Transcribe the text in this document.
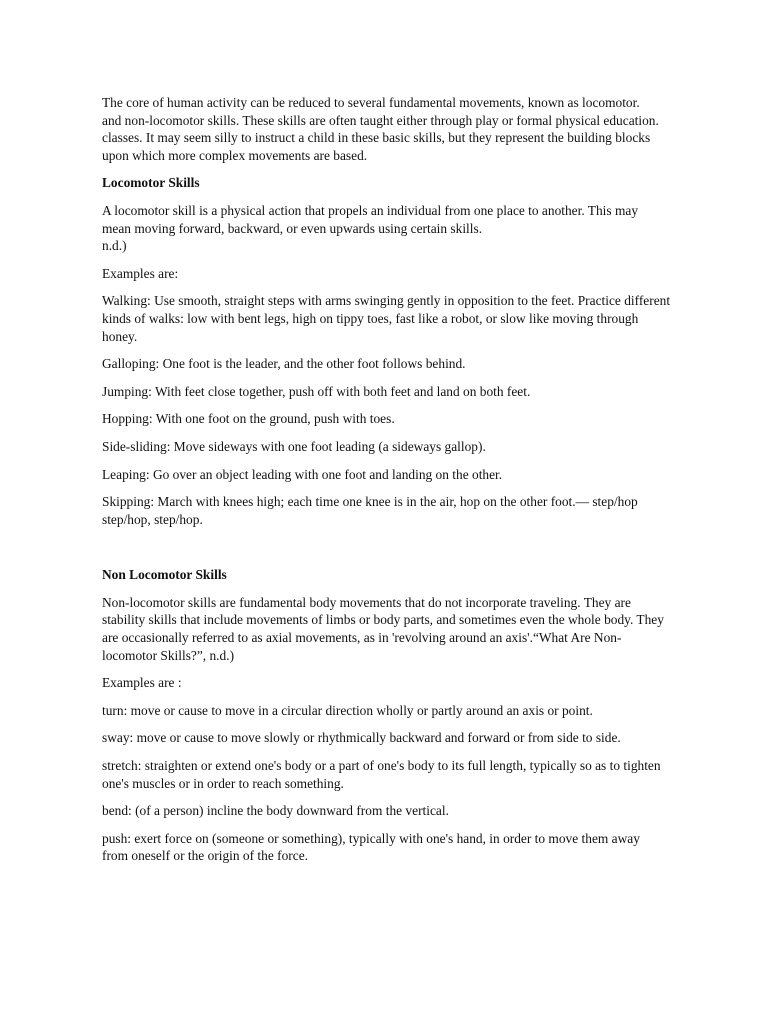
The core of human activity can be reduced to several fundamental movements, known as locomotor.
and non-locomotor skills. These skills are often taught either through play or formal physical education.
classes. It may seem silly to instruct a child in these basic skills, but they represent the building blocks
upon which more complex movements are based.

Locomotor Skills

A locomotor skill is a physical action that propels an individual from one place to another. This may
mean moving forward, backward, or even upwards using certain skills.
n.d.)

Examples are:

Walking: Use smooth, straight steps with arms swinging gently in opposition to the feet. Practice different
kinds of walks: low with bent legs, high on tippy toes, fast like a robot, or slow like moving through
honey.

Galloping: One foot is the leader, and the other foot follows behind.

Jumping: With feet close together, push off with both feet and land on both feet.

Hopping: With one foot on the ground, push with toes.

Side-sliding: Move sideways with one foot leading (a sideways gallop).

Leaping: Go over an object leading with one foot and landing on the other.

Skipping: March with knees high; each time one knee is in the air, hop on the other foot.— step/hop
step/hop, step/hop.

Non Locomotor Skills

Non-locomotor skills are fundamental body movements that do not incorporate traveling. They are
stability skills that include movements of limbs or body parts, and sometimes even the whole body. They
are occasionally referred to as axial movements, as in 'revolving around an axis'.“What Are Non-
locomotor Skills?”, n.d.)

Examples are :

turn: move or cause to move in a circular direction wholly or partly around an axis or point.

sway: move or cause to move slowly or rhythmically backward and forward or from side to side.

stretch: straighten or extend one's body or a part of one's body to its full length, typically so as to tighten
one's muscles or in order to reach something.

bend: (of a person) incline the body downward from the vertical.

push: exert force on (someone or something), typically with one's hand, in order to move them away
from oneself or the origin of the force.
